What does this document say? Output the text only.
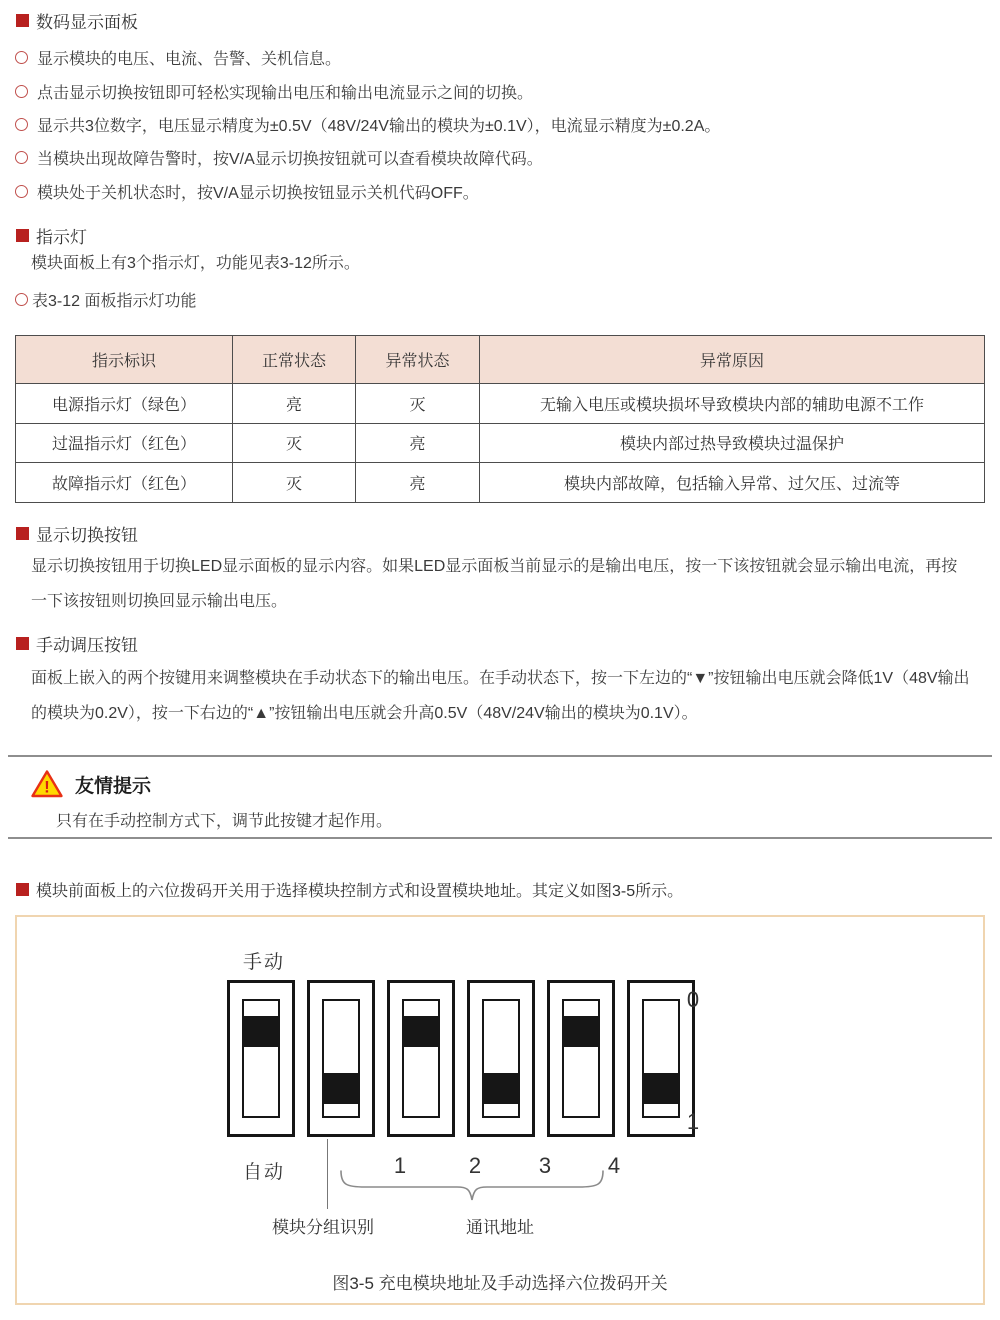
数码显示面板
显示模块的电压、电流、告警、关机信息。
点击显示切换按钮即可轻松实现输出电压和输出电流显示之间的切换。
显示共3位数字，电压显示精度为±0.5V（48V/24V输出的模块为±0.1V），电流显示精度为±0.2A。
当模块出现故障告警时，按V/A显示切换按钮就可以查看模块故障代码。
模块处于关机状态时，按V/A显示切换按钮显示关机代码OFF。
指示灯
模块面板上有3个指示灯，功能见表3-12所示。
表3-12 面板指示灯功能
指示标识	正常状态	异常状态	异常原因
电源指示灯（绿色）	亮	灭	无输入电压或模块损坏导致模块内部的辅助电源不工作
过温指示灯（红色）	灭	亮	模块内部过热导致模块过温保护
故障指示灯（红色）	灭	亮	模块内部故障，包括输入异常、过欠压、过流等
显示切换按钮
显示切换按钮用于切换LED显示面板的显示内容。如果LED显示面板当前显示的是输出电压，按一下该按钮就会显示输出电流，再按一下该按钮则切换回显示输出电压。
手动调压按钮
面板上嵌入的两个按键用来调整模块在手动状态下的输出电压。在手动状态下，按一下左边的“▼”按钮输出电压就会降低1V（48V输出的模块为0.2V），按一下右边的“▲”按钮输出电压就会升高0.5V（48V/24V输出的模块为0.1V）。
! 友情提示
只有在手动控制方式下，调节此按键才起作用。
模块前面板上的六位拨码开关用于选择模块控制方式和设置模块地址。其定义如图3-5所示。
手动
0
1
自动	1	2	3	4
模块分组识别	通讯地址
图3-5 充电模块地址及手动选择六位拨码开关
